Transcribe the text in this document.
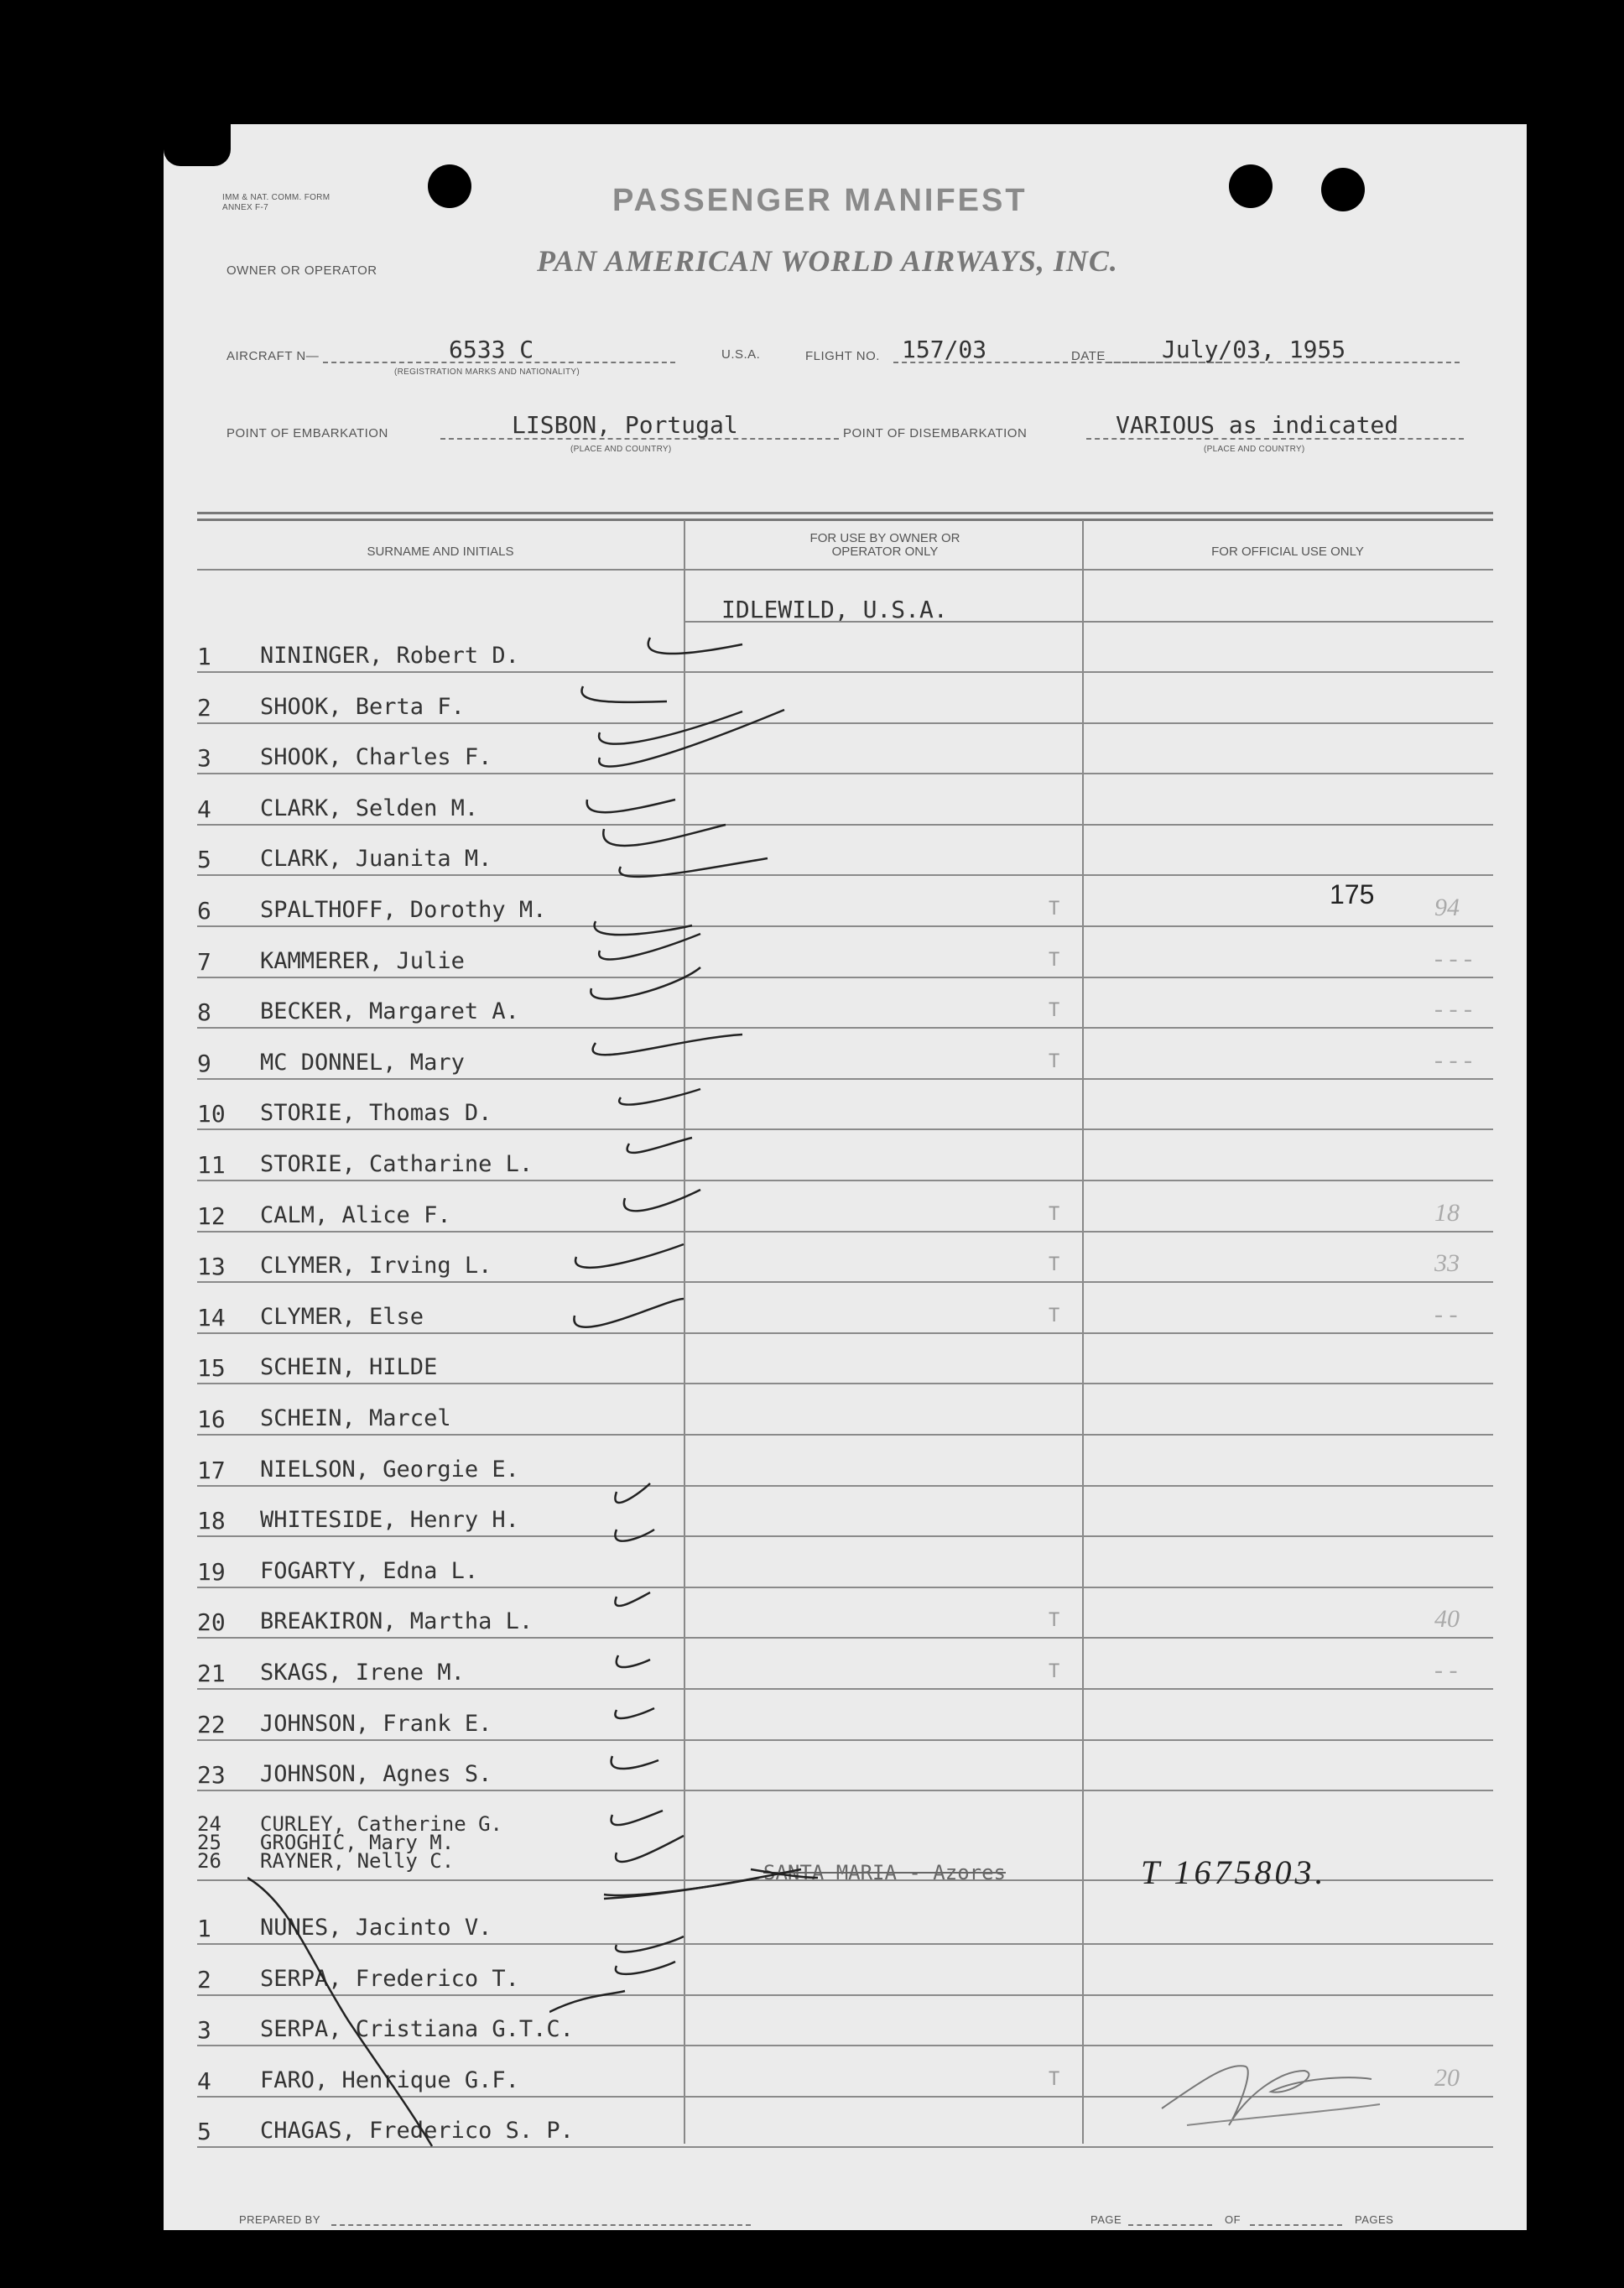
IMM & NAT. COMM. FORM ANNEX F-7	PASSENGER MANIFEST
OWNER OR OPERATOR	PAN AMERICAN WORLD AIRWAYS, INC.
AIRCRAFT N—	6533 C
(REGISTRATION MARKS AND NATIONALITY)
U.S.A.	FLIGHT NO. 157/03	DATE July/03, 1955
POINT OF EMBARKATION	LISBON, Portugal
(PLACE AND COUNTRY)
POINT OF DISEMBARKATION	VARIOUS as indicated
(PLACE AND COUNTRY)
SURNAME AND INITIALS
FOR USE BY OWNER OR OPERATOR ONLY	FOR OFFICIAL USE ONLY
IDLEWILD, U.S.A.
1 NININGER, Robert D.
2 SHOOK, Berta F.
3 SHOOK, Charles F.
4 CLARK, Selden M.
5 CLARK, Juanita M.
6 SPALTHOFF, Dorothy M.	T	94
7 KAMMERER, Julie	T	- - -
8 BECKER, Margaret A.	T	- - -
9 MC DONNEL, Mary	T	- - -
10 STORIE, Thomas D.
11 STORIE, Catharine L.
12 CALM, Alice F.	T	18
13 CLYMER, Irving L.	T	33
14 CLYMER, Else	T	- -
15 SCHEIN, HILDE
16 SCHEIN, Marcel
17 NIELSON, Georgie E.
18 WHITESIDE, Henry H.
19 FOGARTY, Edna L.
20 BREAKIRON, Martha L.	T	40
21 SKAGS, Irene M.	T	- -
22 JOHNSON, Frank E.
23 JOHNSON, Agnes S.
24 CURLEY, Catherine G.
25 GROGHIC, Mary M.
26 RAYNER, Nelly C.
175
SANTA MARIA - Azores	T 1675803.
1 NUNES, Jacinto V.
2 SERPA, Frederico T.
3 SERPA, Cristiana G.T.C.
4 FARO, Henrique G.F.	T	20
5 CHAGAS, Frederico S. P.
PREPARED BY	PAGE	OF	PAGES
